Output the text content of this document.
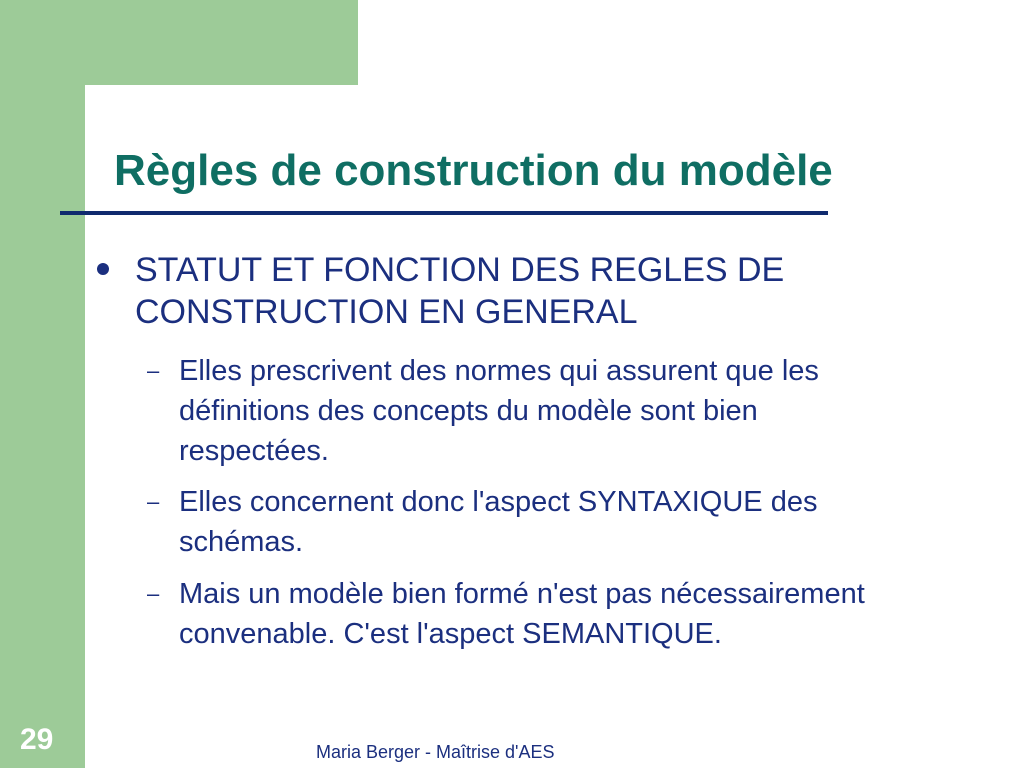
Règles de construction du modèle
STATUT ET FONCTION DES REGLES DE
CONSTRUCTION EN GENERAL
– Elles prescrivent des normes qui assurent que les
définitions des concepts du modèle sont bien
respectées.
– Elles concernent donc l'aspect SYNTAXIQUE des
schémas.
– Mais un modèle bien formé n'est pas nécessairement
convenable. C'est l'aspect SEMANTIQUE.
29	Maria Berger - Maîtrise d'AES
